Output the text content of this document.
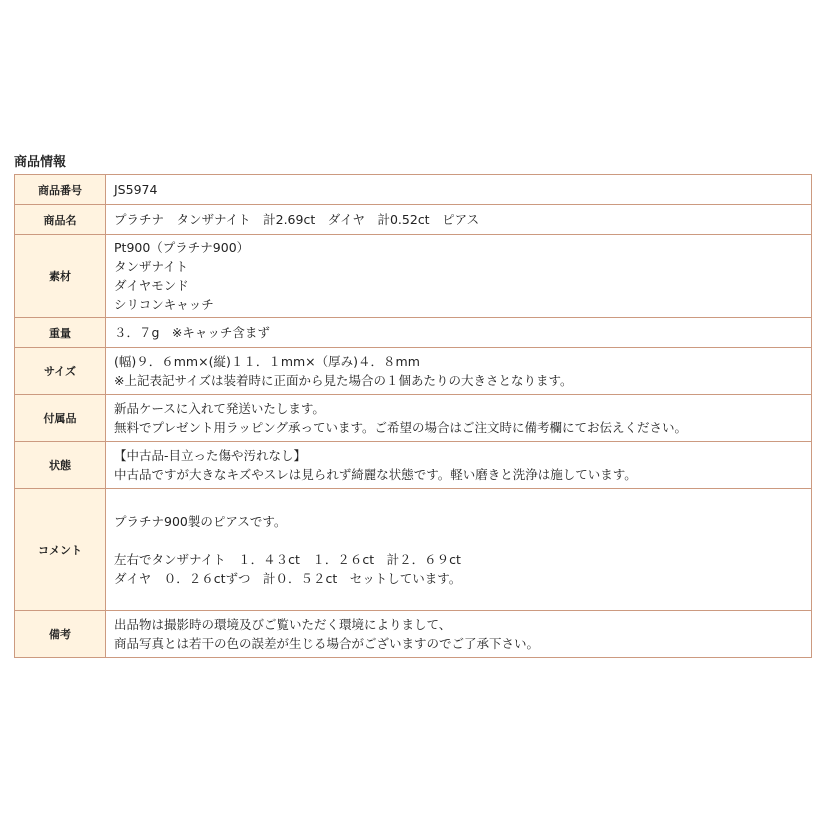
商品情報
商品番号	JS5974

商品名	プラチナ　タンザナイト　計2.69ct　ダイヤ　計0.52ct　ピアス

素材	Pt900（プラチナ900）
タンザナイト
ダイヤモンド
シリコンキャッチ

重量	３．７g　※キャッチ含まず

サイズ	(幅)９．６mm×(縦)１１．１mm×（厚み)４．８mm
※上記表記サイズは装着時に正面から見た場合の１個あたりの大きさとなります。

付属品	新品ケースに入れて発送いたします。
無料でプレゼント用ラッピング承っています。ご希望の場合はご注文時に備考欄にてお伝えください。

状態	【中古品-目立った傷や汚れなし】
中古品ですが大きなキズやスレは見られず綺麗な状態です。軽い磨きと洗浄は施しています。

コメント	プラチナ900製のピアスです。
左右でタンザナイト　１．４３ct　１．２６ct　計２．６９ct
ダイヤ　０．２６ctずつ　計０．５２ct　セットしています。

備考	出品物は撮影時の環境及びご覧いただく環境によりまして、
商品写真とは若干の色の誤差が生じる場合がございますのでご了承下さい。
